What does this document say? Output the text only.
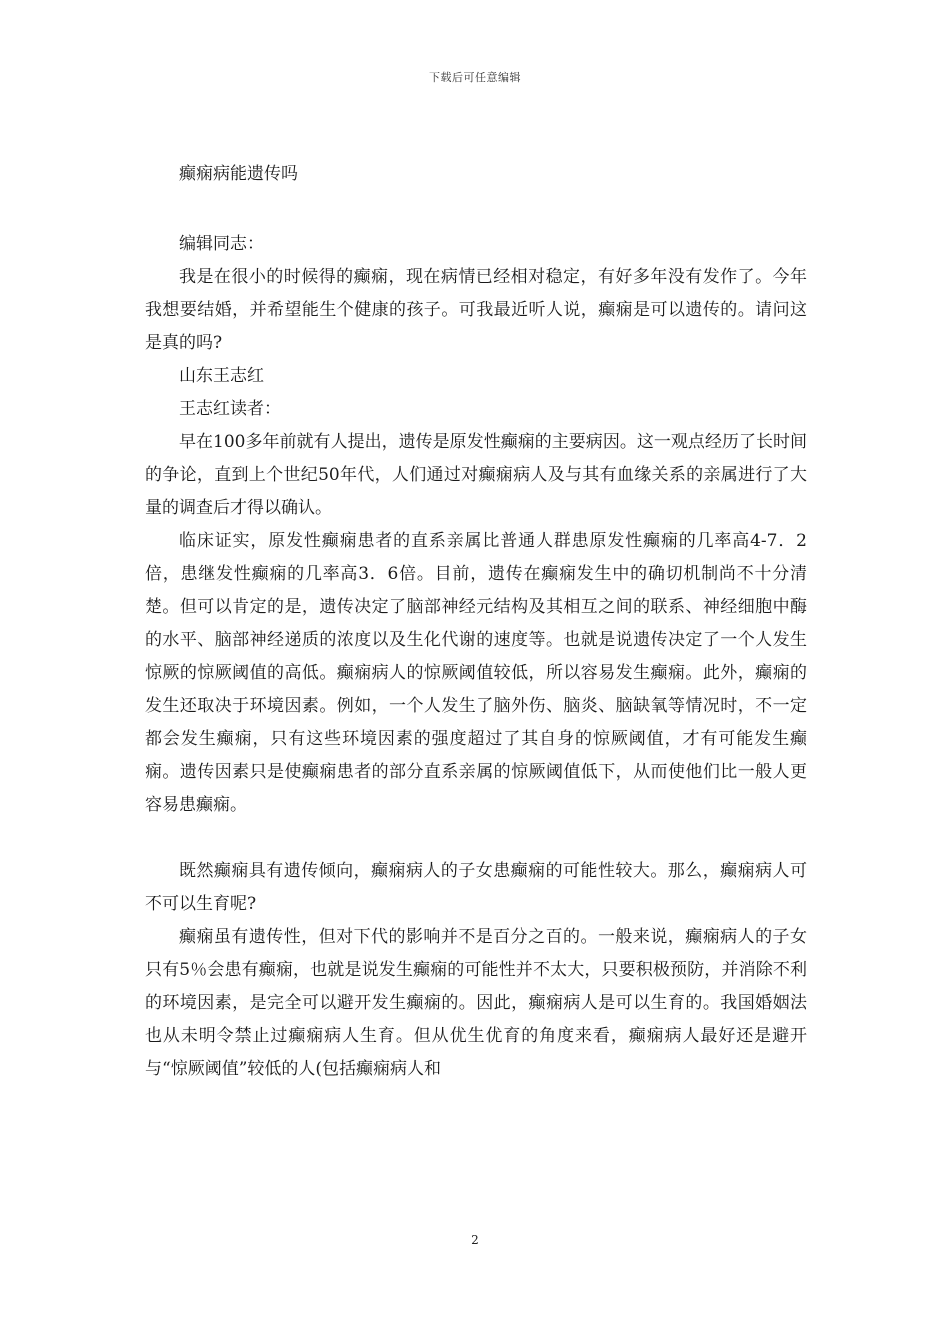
下载后可任意编辑

癫痫病能遗传吗

编辑同志：

我是在很小的时候得的癫痫，现在病情已经相对稳定，有好多年没有发作了。今年我想要结婚，并希望能生个健康的孩子。可我最近听人说，癫痫是可以遗传的。请问这是真的吗?

山东王志红

王志红读者：

早在100多年前就有人提出，遗传是原发性癫痫的主要病因。这一观点经历了长时间的争论，直到上个世纪50年代，人们通过对癫痫病人及与其有血缘关系的亲属进行了大量的调查后才得以确认。

临床证实，原发性癫痫患者的直系亲属比普通人群患原发性癫痫的几率高4-7．2倍，患继发性癫痫的几率高3．6倍。目前，遗传在癫痫发生中的确切机制尚不十分清楚。但可以肯定的是，遗传决定了脑部神经元结构及其相互之间的联系、神经细胞中酶的水平、脑部神经递质的浓度以及生化代谢的速度等。也就是说遗传决定了一个人发生惊厥的惊厥阈值的高低。癫痫病人的惊厥阈值较低，所以容易发生癫痫。此外，癫痫的发生还取决于环境因素。例如，一个人发生了脑外伤、脑炎、脑缺氧等情况时，不一定都会发生癫痫，只有这些环境因素的强度超过了其自身的惊厥阈值，才有可能发生癫痫。遗传因素只是使癫痫患者的部分直系亲属的惊厥阈值低下，从而使他们比一般人更容易患癫痫。

既然癫痫具有遗传倾向，癫痫病人的子女患癫痫的可能性较大。那么，癫痫病人可不可以生育呢?

癫痫虽有遗传性，但对下代的影响并不是百分之百的。一般来说，癫痫病人的子女只有5％会患有癫痫，也就是说发生癫痫的可能性并不太大，只要积极预防，并消除不利的环境因素，是完全可以避开发生癫痫的。因此，癫痫病人是可以生育的。我国婚姻法也从未明令禁止过癫痫病人生育。但从优生优育的角度来看，癫痫病人最好还是避开与“惊厥阈值”较低的人(包括癫痫病人和

2
